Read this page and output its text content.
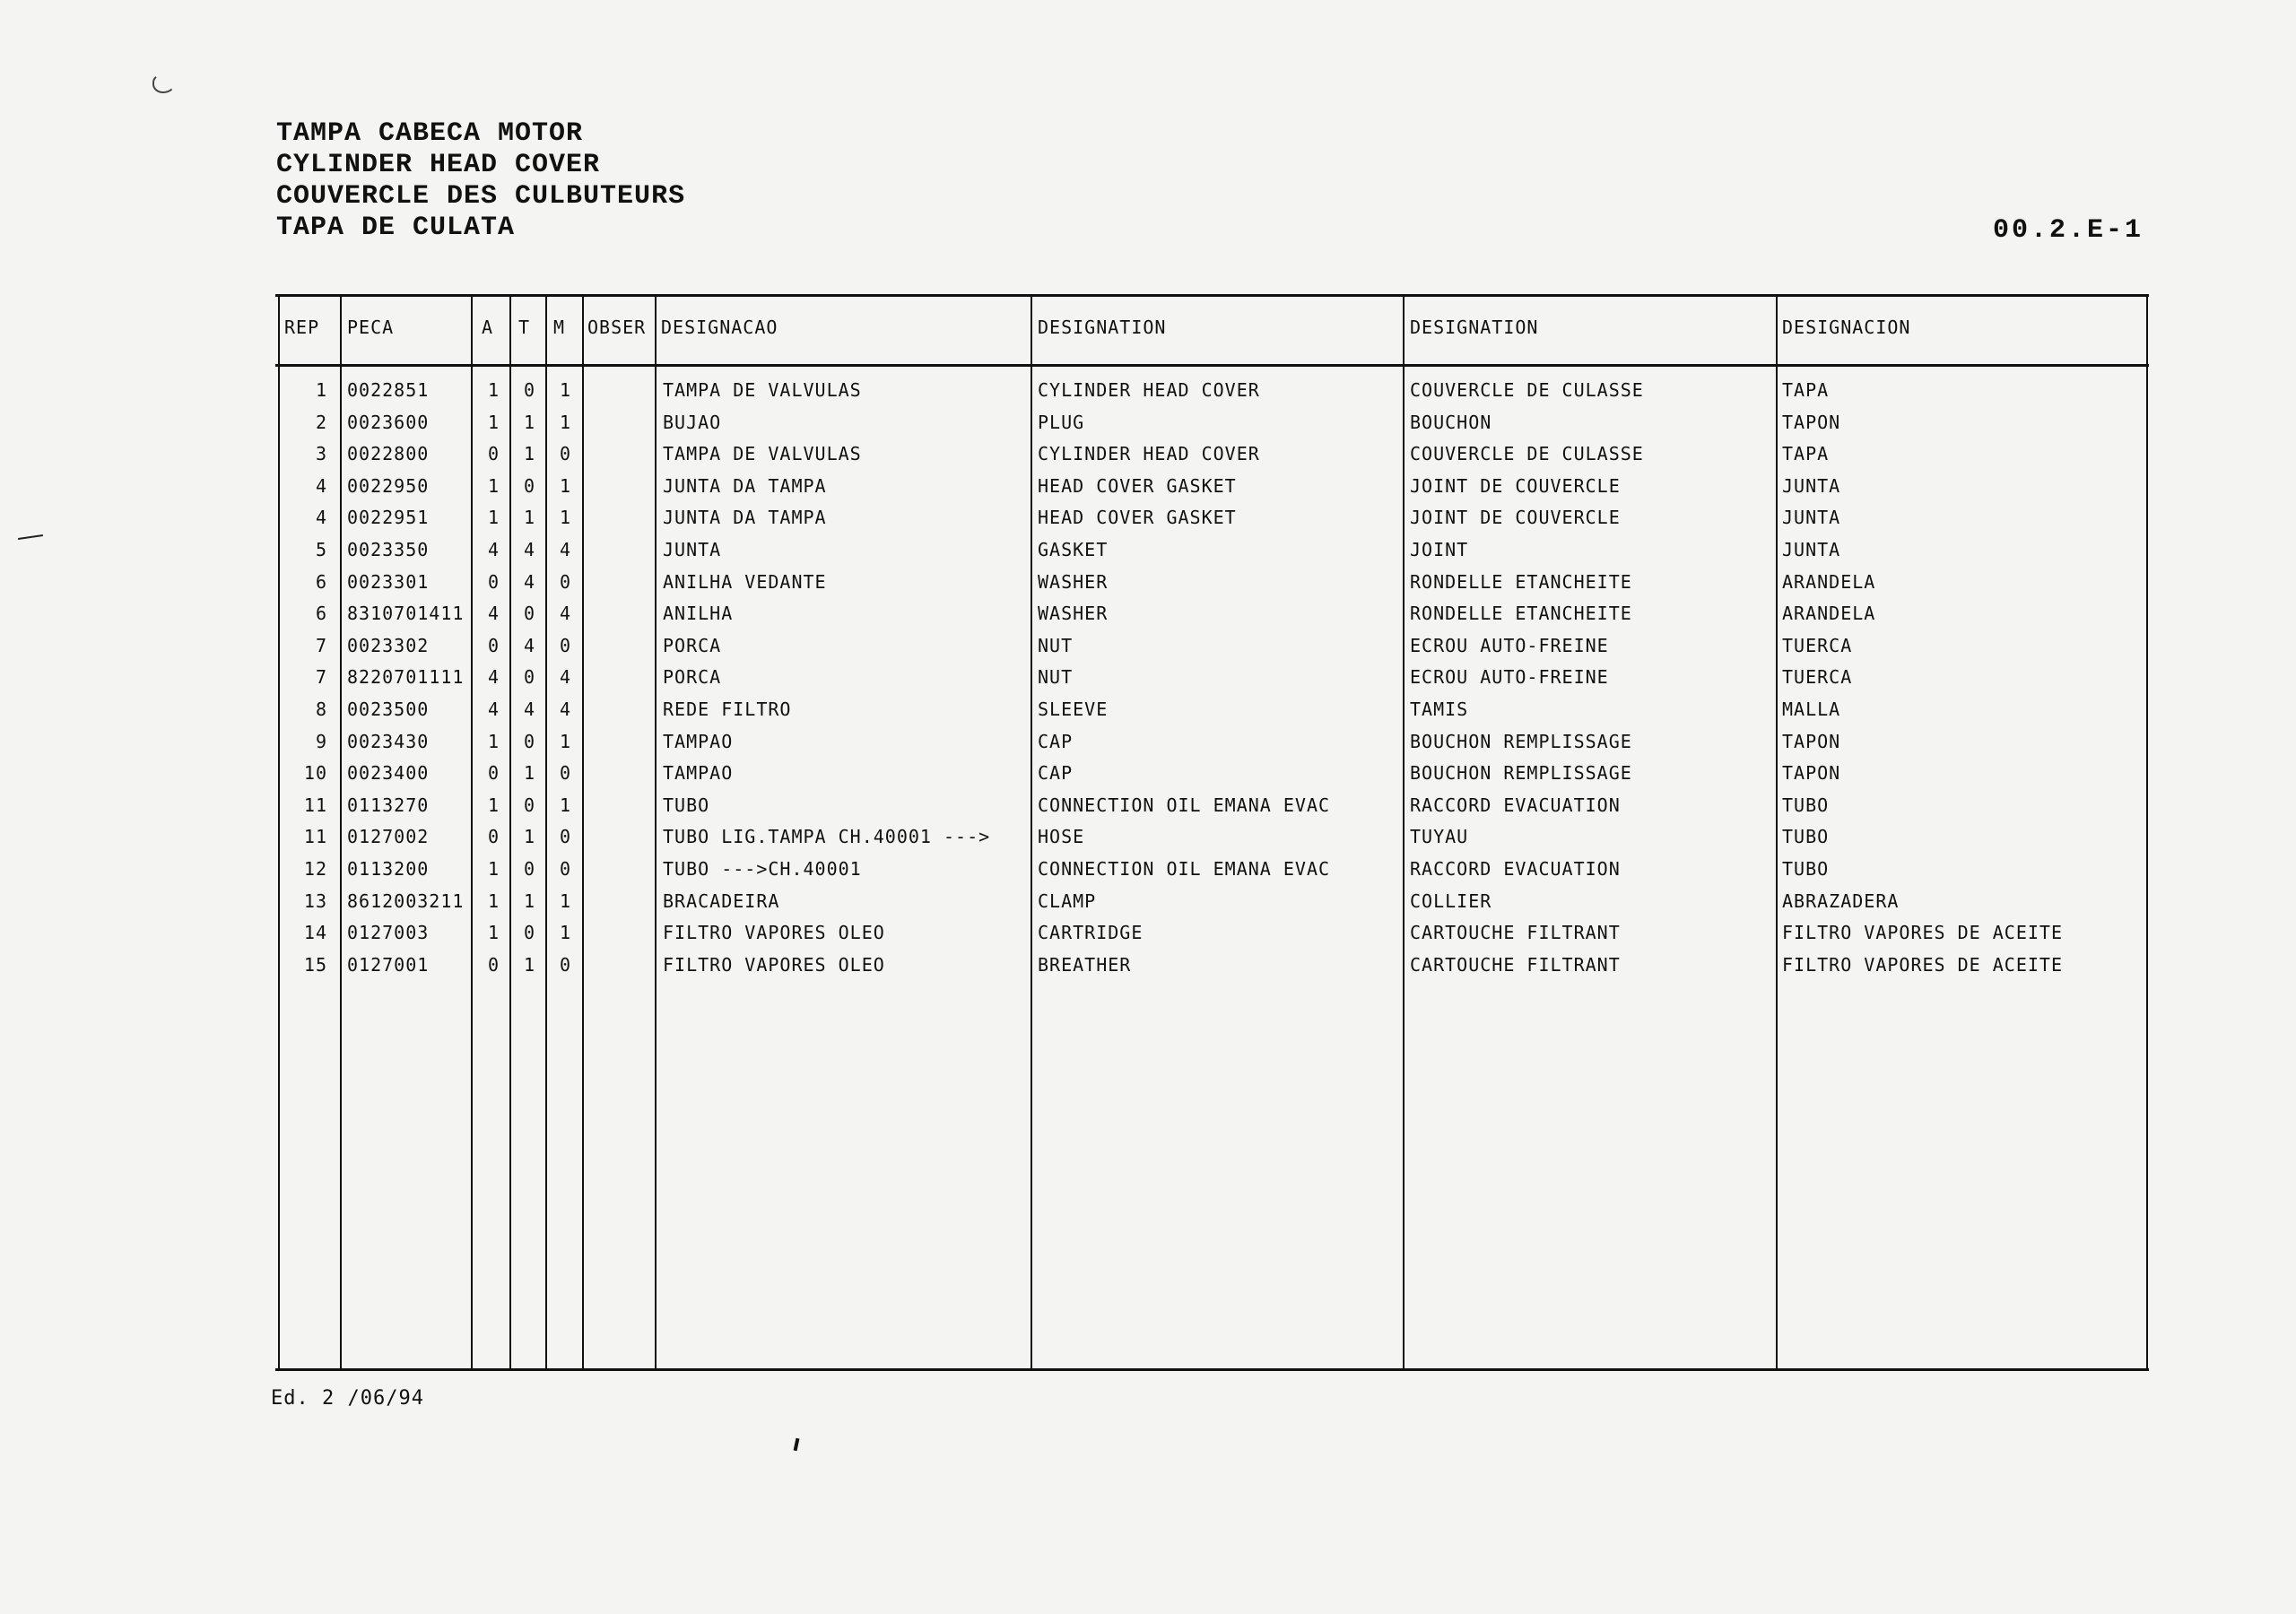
TAMPA CABECA MOTOR
CYLINDER HEAD COVER
COUVERCLE DES CULBUTEURS
TAPA DE CULATA	00.2.E-1
REP PECA	A T M OBSER DESIGNACAO	DESIGNATION	DESIGNATION	DESIGNACION
1 0022851	1	0	1	TAMPA DE VALVULAS	CYLINDER HEAD COVER	COUVERCLE DE CULASSE	TAPA
2 0023600	1	1	1	BUJAO	PLUG	BOUCHON	TAPON
3 0022800	0	1	0	TAMPA DE VALVULAS	CYLINDER HEAD COVER	COUVERCLE DE CULASSE	TAPA
4 0022950	1	0	1	JUNTA DA TAMPA	HEAD COVER GASKET	JOINT DE COUVERCLE	JUNTA
4 0022951	1	1	1	JUNTA DA TAMPA	HEAD COVER GASKET	JOINT DE COUVERCLE	JUNTA
5 0023350	4	4	4	JUNTA	GASKET	JOINT	JUNTA
6 0023301	0	4	0	ANILHA VEDANTE	WASHER	RONDELLE ETANCHEITE	ARANDELA
6 8310701411	4	0	4	ANILHA	WASHER	RONDELLE ETANCHEITE	ARANDELA
7 0023302	0	4	0	PORCA	NUT	ECROU AUTO-FREINE	TUERCA
7 8220701111	4	0	4	PORCA	NUT	ECROU AUTO-FREINE	TUERCA
8 0023500	4	4	4	REDE FILTRO	SLEEVE	TAMIS	MALLA
9 0023430	1	0	1	TAMPAO	CAP	BOUCHON REMPLISSAGE	TAPON
10 0023400	0	1	0	TAMPAO	CAP	BOUCHON REMPLISSAGE	TAPON
11 0113270	1	0	1	TUBO	CONNECTION OIL EMANA EVAC	RACCORD EVACUATION	TUBO
11 0127002	0	1	0	TUBO LIG.TAMPA CH.40001 --->	HOSE	TUYAU	TUBO
12 0113200	1	0	0	TUBO --->CH.40001	CONNECTION OIL EMANA EVAC	RACCORD EVACUATION	TUBO
13 8612003211	1	1	1	BRACADEIRA	CLAMP	COLLIER	ABRAZADERA
14 0127003	1	0	1	FILTRO VAPORES OLEO	CARTRIDGE	CARTOUCHE FILTRANT	FILTRO VAPORES DE ACEITE
15 0127001	0	1	0	FILTRO VAPORES OLEO	BREATHER	CARTOUCHE FILTRANT	FILTRO VAPORES DE ACEITE
Ed. 2 /06/94
